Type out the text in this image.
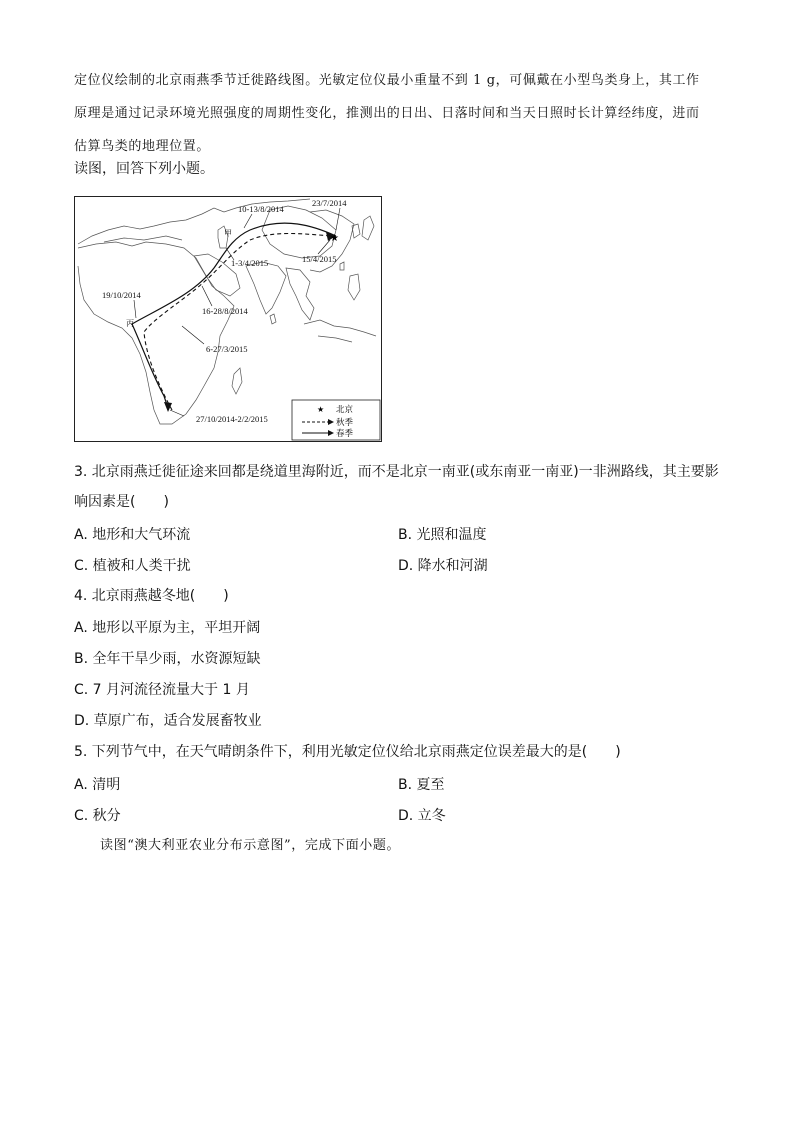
定位仪绘制的北京雨燕季节迁徙路线图。光敏定位仪最小重量不到 1 g，可佩戴在小型鸟类身上，其工作

原理是通过记录环境光照强度的周期性变化，推测出的日出、日落时间和当天日照时长计算经纬度，进而

估算鸟类的地理位置。

读图，回答下列小题。
★
10-13/8/2014
23/7/2014
1-3/4/2015	15/4/2015
19/10/2014
16-28/8/2014
6-27/3/2015
27/10/2014-2/2/2015
甲
丙
★ 北京
秋季
春季
3. 北京雨燕迁徙征途来回都是绕道里海附近，而不是北京一南亚(或东南亚一南亚)一非洲路线，其主要影
响因素是(　　)
A. 地形和大气环流	B. 光照和温度
C. 植被和人类干扰	D. 降水和河湖
4. 北京雨燕越冬地(　　)
A. 地形以平原为主，平坦开阔
B. 全年干旱少雨，水资源短缺
C. 7 月河流径流量大于 1 月
D. 草原广布，适合发展畜牧业
5. 下列节气中，在天气晴朗条件下，利用光敏定位仪给北京雨燕定位误差最大的是(　　)
A. 清明	B. 夏至
C. 秋分	D. 立冬
读图“澳大利亚农业分布示意图”，完成下面小题。
